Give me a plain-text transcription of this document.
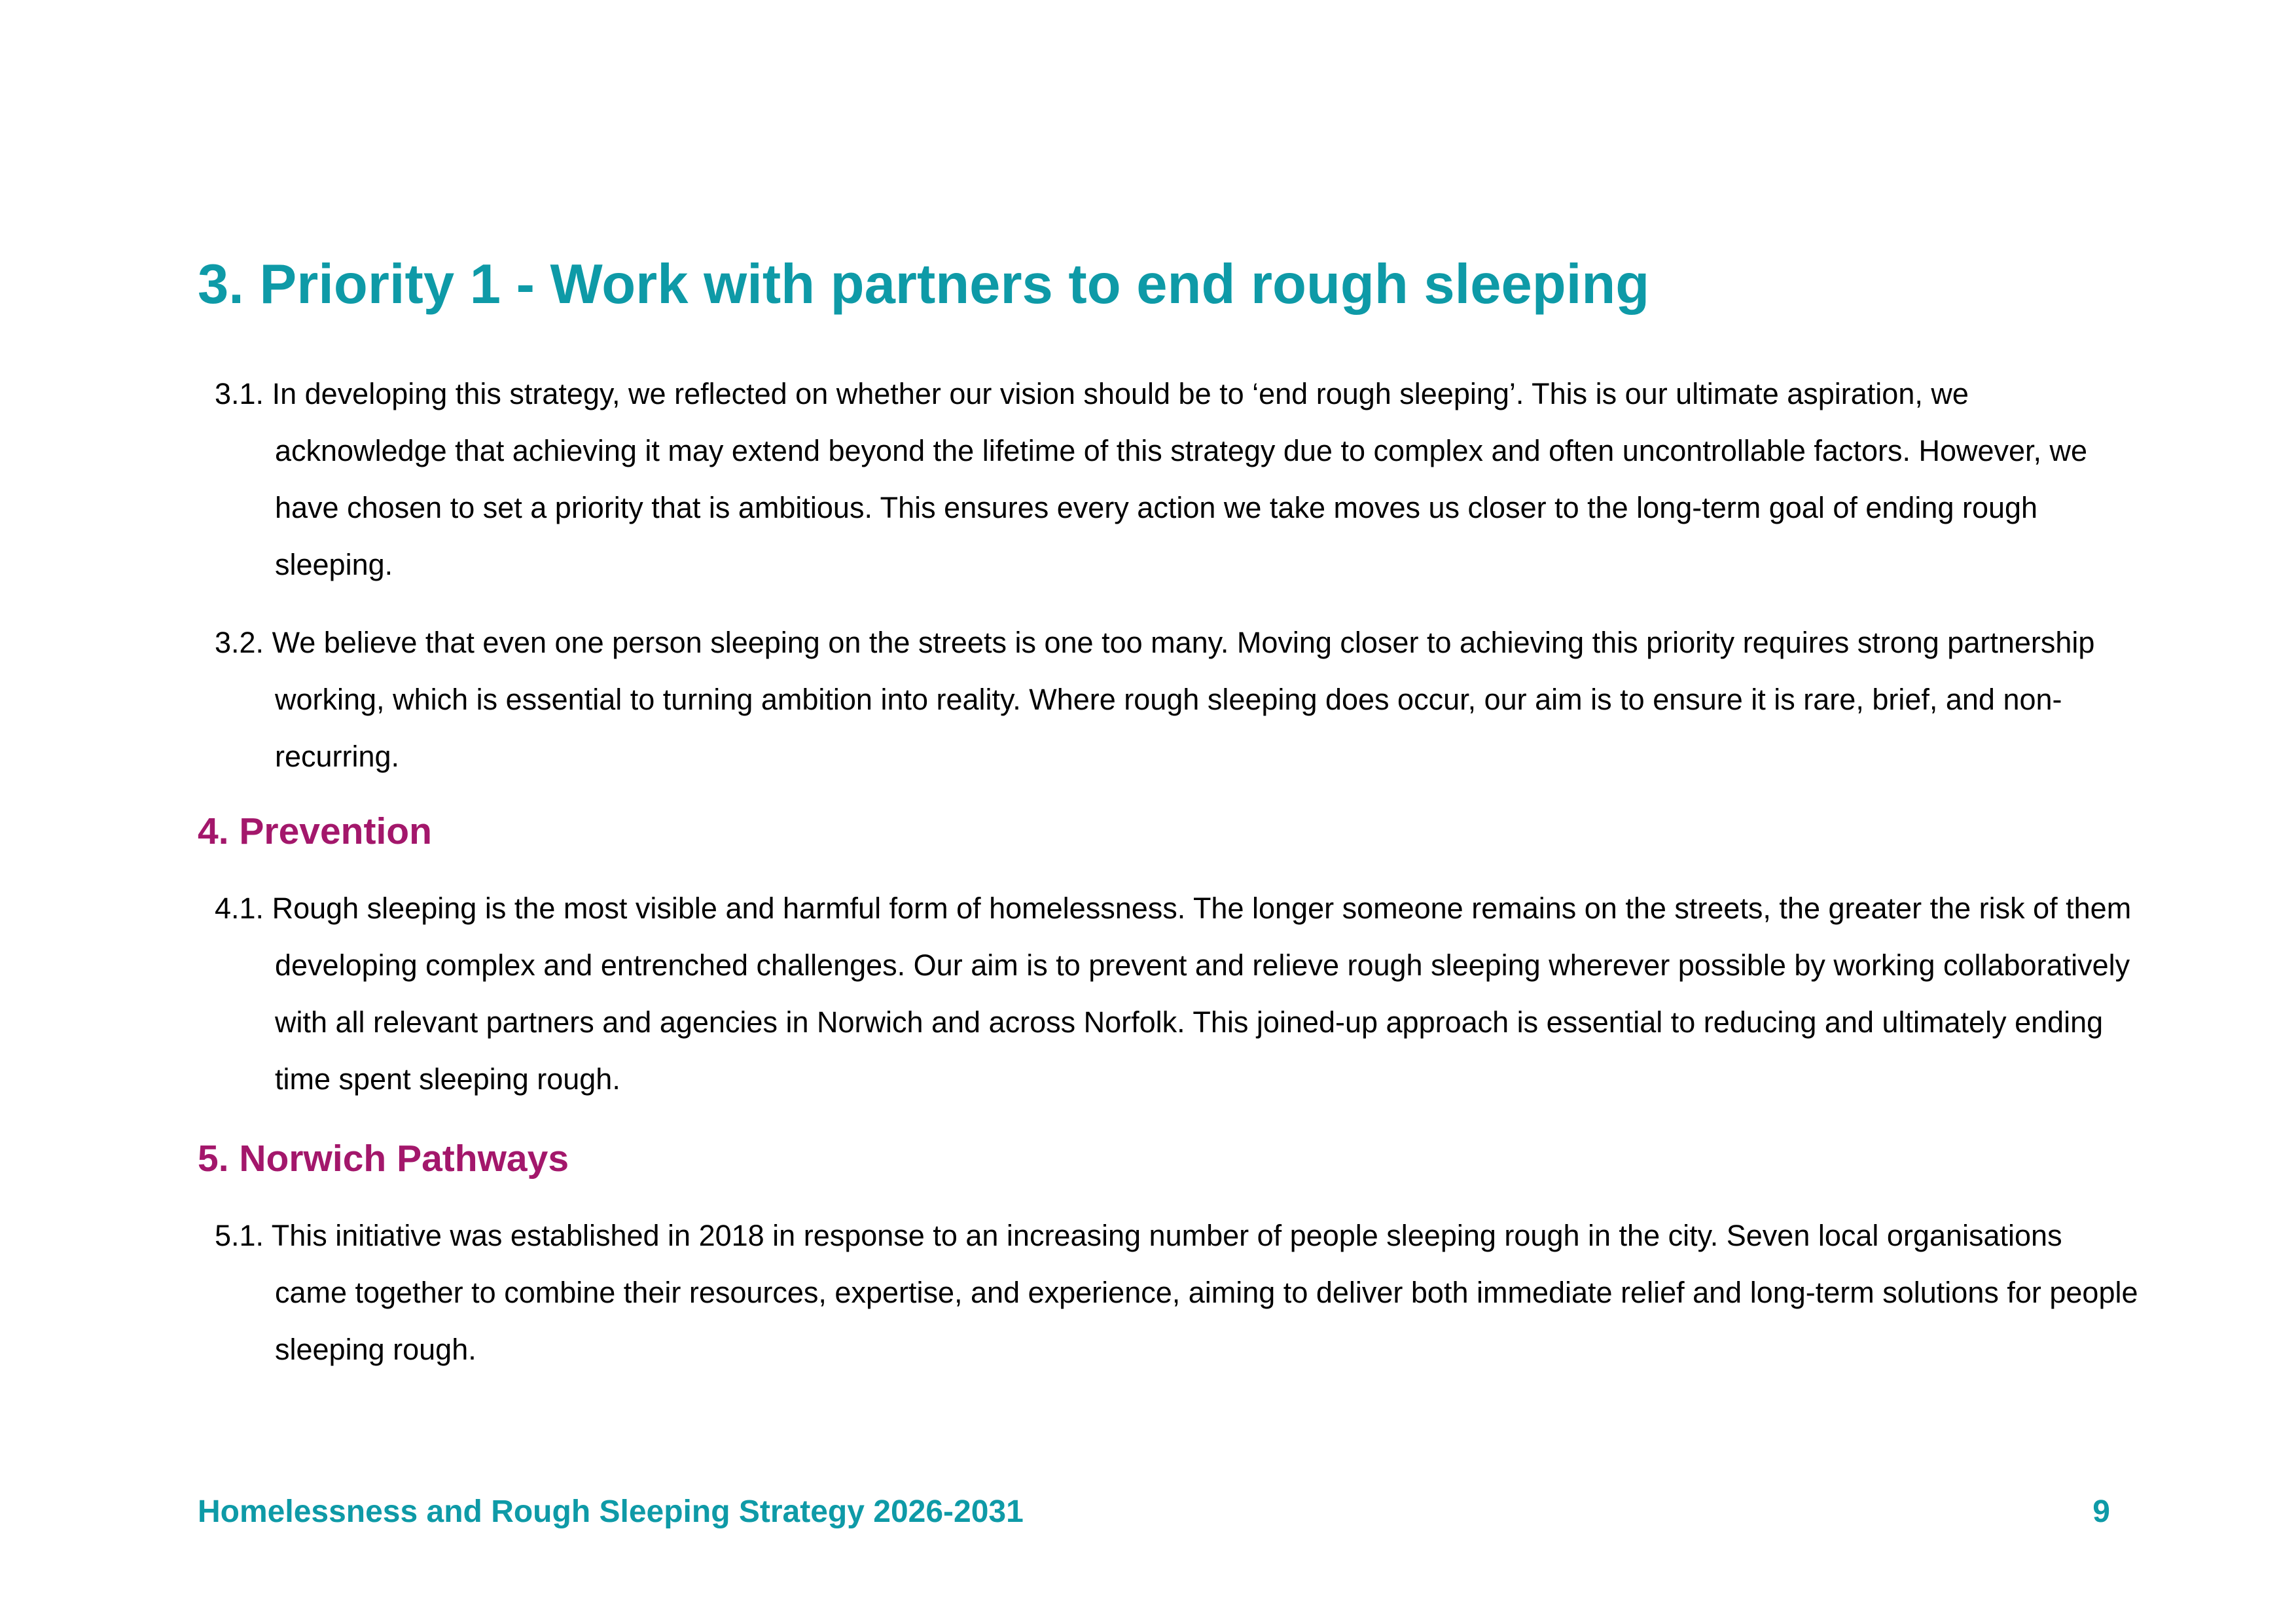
3. Priority 1 - Work with partners to end rough sleeping

3.1. In developing this strategy, we reflected on whether our vision should be to ‘end rough sleeping’. This is our ultimate aspiration, we acknowledge that achieving it may extend beyond the lifetime of this strategy due to complex and often uncontrollable factors. However, we have chosen to set a priority that is ambitious. This ensures every action we take moves us closer to the long-term goal of ending rough sleeping.

3.2. We believe that even one person sleeping on the streets is one too many. Moving closer to achieving this priority requires strong partnership working, which is essential to turning ambition into reality. Where rough sleeping does occur, our aim is to ensure it is rare, brief, and non-recurring.

4. Prevention

4.1. Rough sleeping is the most visible and harmful form of homelessness. The longer someone remains on the streets, the greater the risk of them developing complex and entrenched challenges. Our aim is to prevent and relieve rough sleeping wherever possible by working collaboratively with all relevant partners and agencies in Norwich and across Norfolk. This joined-up approach is essential to reducing and ultimately ending time spent sleeping rough.

5. Norwich Pathways

5.1. This initiative was established in 2018 in response to an increasing number of people sleeping rough in the city. Seven local organisations came together to combine their resources, expertise, and experience, aiming to deliver both immediate relief and long-term solutions for people sleeping rough.

Homelessness and Rough Sleeping Strategy 2026-2031	9
